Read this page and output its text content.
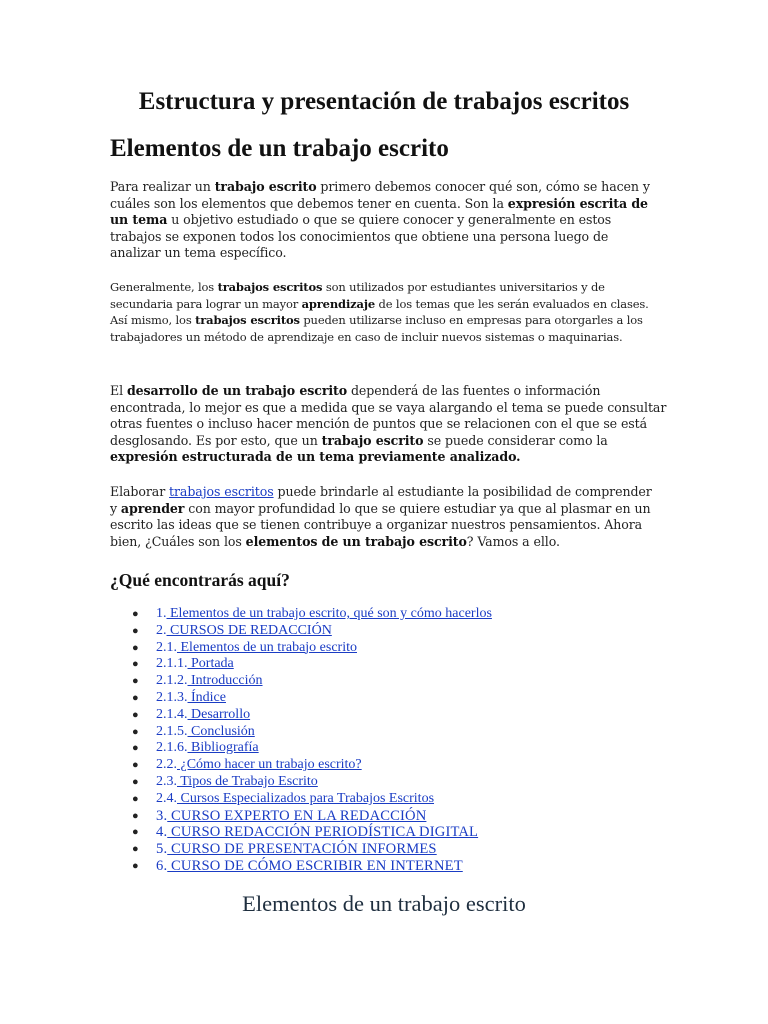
Estructura y presentación de trabajos escritos
Elementos de un trabajo escrito

Para realizar un trabajo escrito primero debemos conocer qué son, cómo se hacen y cuáles son los elementos que debemos tener en cuenta. Son la expresión escrita de un tema u objetivo estudiado o que se quiere conocer y generalmente en estos trabajos se exponen todos los conocimientos que obtiene una persona luego de analizar un tema específico.

Generalmente, los trabajos escritos son utilizados por estudiantes universitarios y de secundaria para lograr un mayor aprendizaje de los temas que les serán evaluados en clases. Así mismo, los trabajos escritos pueden utilizarse incluso en empresas para otorgarles a los trabajadores un método de aprendizaje en caso de incluir nuevos sistemas o maquinarias.

El desarrollo de un trabajo escrito dependerá de las fuentes o información encontrada, lo mejor es que a medida que se vaya alargando el tema se puede consultar otras fuentes o incluso hacer mención de puntos que se relacionen con el que se está desglosando. Es por esto, que un trabajo escrito se puede considerar como la expresión estructurada de un tema previamente analizado.

Elaborar trabajos escritos puede brindarle al estudiante la posibilidad de comprender y aprender con mayor profundidad lo que se quiere estudiar ya que al plasmar en un escrito las ideas que se tienen contribuye a organizar nuestros pensamientos. Ahora bien, ¿Cuáles son los elementos de un trabajo escrito? Vamos a ello.

¿Qué encontrarás aquí?
● 1. Elementos de un trabajo escrito, qué son y cómo hacerlos
● 2. CURSOS DE REDACCIÓN
● 2.1. Elementos de un trabajo escrito
● 2.1.1. Portada
● 2.1.2. Introducción
● 2.1.3. Índice
● 2.1.4. Desarrollo
● 2.1.5. Conclusión
● 2.1.6. Bibliografía
● 2.2. ¿Cómo hacer un trabajo escrito?
● 2.3. Tipos de Trabajo Escrito
● 2.4. Cursos Especializados para Trabajos Escritos
● 3. CURSO EXPERTO EN LA REDACCIÓN
● 4. CURSO REDACCIÓN PERIODÍSTICA DIGITAL
● 5. CURSO DE PRESENTACIÓN INFORMES
● 6. CURSO DE CÓMO ESCRIBIR EN INTERNET
Elementos de un trabajo escrito
